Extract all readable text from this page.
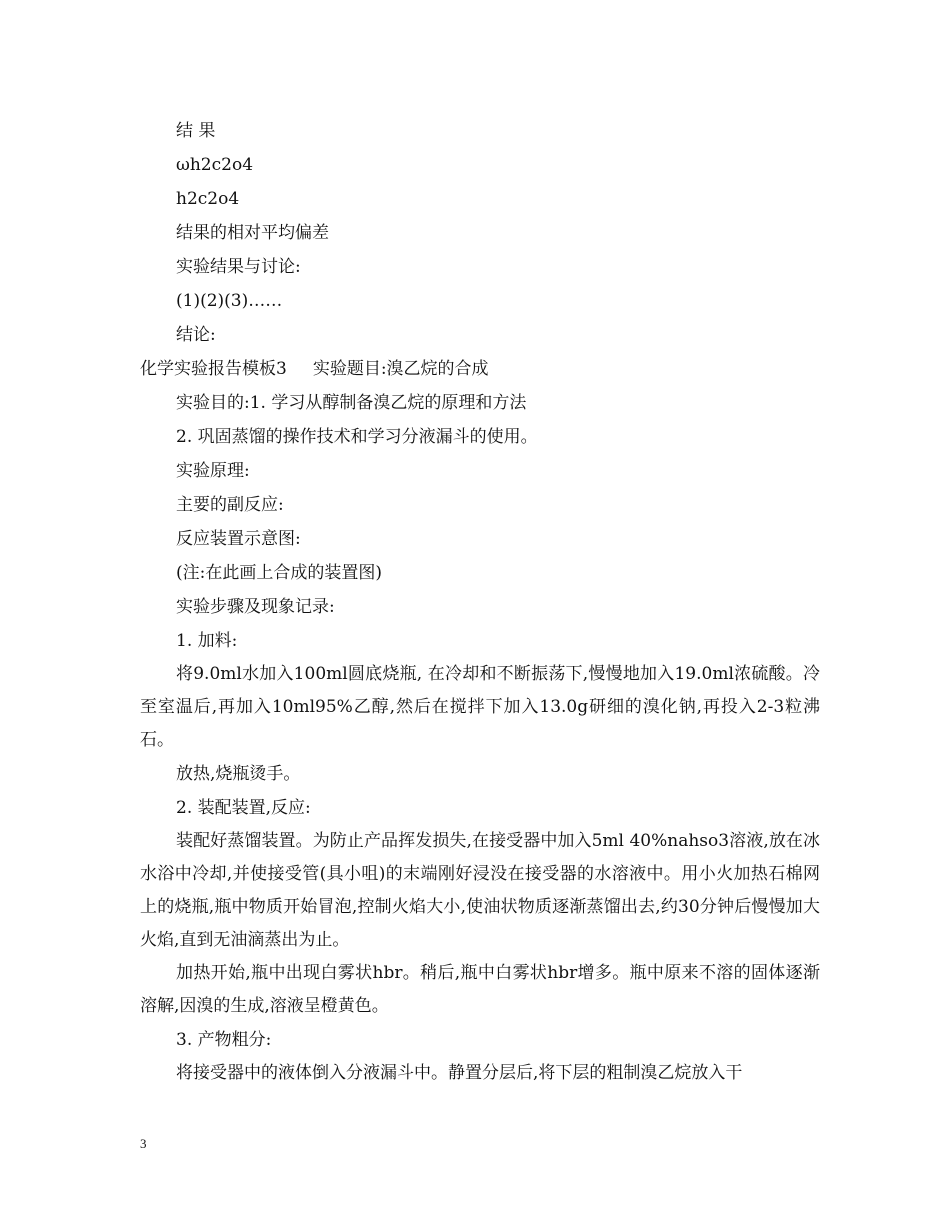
结 果
ωh2c2o4
h2c2o4
结果的相对平均偏差
实验结果与讨论:
(1)(2)(3)……
结论:
化学实验报告模板3 实验题目:溴乙烷的合成
实验目的:1. 学习从醇制备溴乙烷的原理和方法
2. 巩固蒸馏的操作技术和学习分液漏斗的使用。
实验原理:
主要的副反应:
反应装置示意图:
(注:在此画上合成的装置图)
实验步骤及现象记录:
1. 加料:
将9.0ml水加入100ml圆底烧瓶, 在冷却和不断振荡下,慢慢地加入19.0ml浓硫酸。冷至室温后,再加入10ml95%乙醇,然后在搅拌下加入13.0g研细的溴化钠,再投入2-3粒沸石。
放热,烧瓶烫手。
2. 装配装置,反应:
装配好蒸馏装置。为防止产品挥发损失,在接受器中加入5ml 40%nahso3溶液,放在冰水浴中冷却,并使接受管(具小咀)的末端刚好浸没在接受器的水溶液中。用小火加热石棉网上的烧瓶,瓶中物质开始冒泡,控制火焰大小,使油状物质逐渐蒸馏出去,约30分钟后慢慢加大火焰,直到无油滴蒸出为止。
加热开始,瓶中出现白雾状hbr。稍后,瓶中白雾状hbr增多。瓶中原来不溶的固体逐渐溶解,因溴的生成,溶液呈橙黄色。
3. 产物粗分:
将接受器中的液体倒入分液漏斗中。静置分层后,将下层的粗制溴乙烷放入干
3
